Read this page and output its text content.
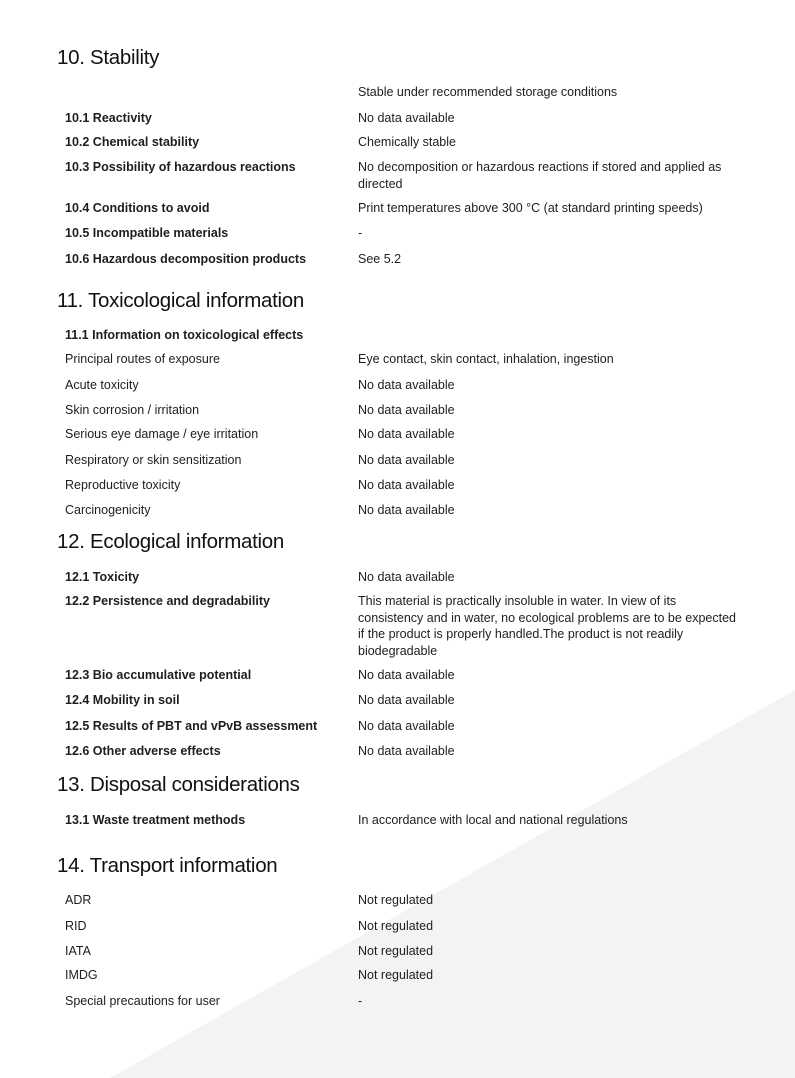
10. Stability
Stable under recommended storage conditions
10.1 Reactivity	No data available
10.2 Chemical stability	Chemically stable
10.3 Possibility of hazardous reactions	No decomposition or hazardous reactions if stored and applied as directed
10.4 Conditions to avoid	Print temperatures above 300 °C (at standard printing speeds)
10.5 Incompatible materials	-
10.6 Hazardous decomposition products	See 5.2
11. Toxicological information
11.1 Information on toxicological effects
Principal routes of exposure	Eye contact, skin contact, inhalation, ingestion
Acute toxicity	No data available
Skin corrosion / irritation	No data available
Serious eye damage / eye irritation	No data available
Respiratory or skin sensitization	No data available
Reproductive toxicity	No data available
Carcinogenicity	No data available
12. Ecological information
12.1 Toxicity	No data available
12.2 Persistence and degradability	This material is practically insoluble in water. In view of its consistency and in water, no ecological problems are to be expected if the product is properly handled.The product is not readily biodegradable
12.3 Bio accumulative potential	No data available
12.4 Mobility in soil	No data available
12.5 Results of PBT and vPvB assessment	No data available
12.6 Other adverse effects	No data available
13. Disposal considerations
13.1 Waste treatment methods	In accordance with local and national regulations
14. Transport information
ADR	Not regulated
RID	Not regulated
IATA	Not regulated
IMDG	Not regulated
Special precautions for user	-
